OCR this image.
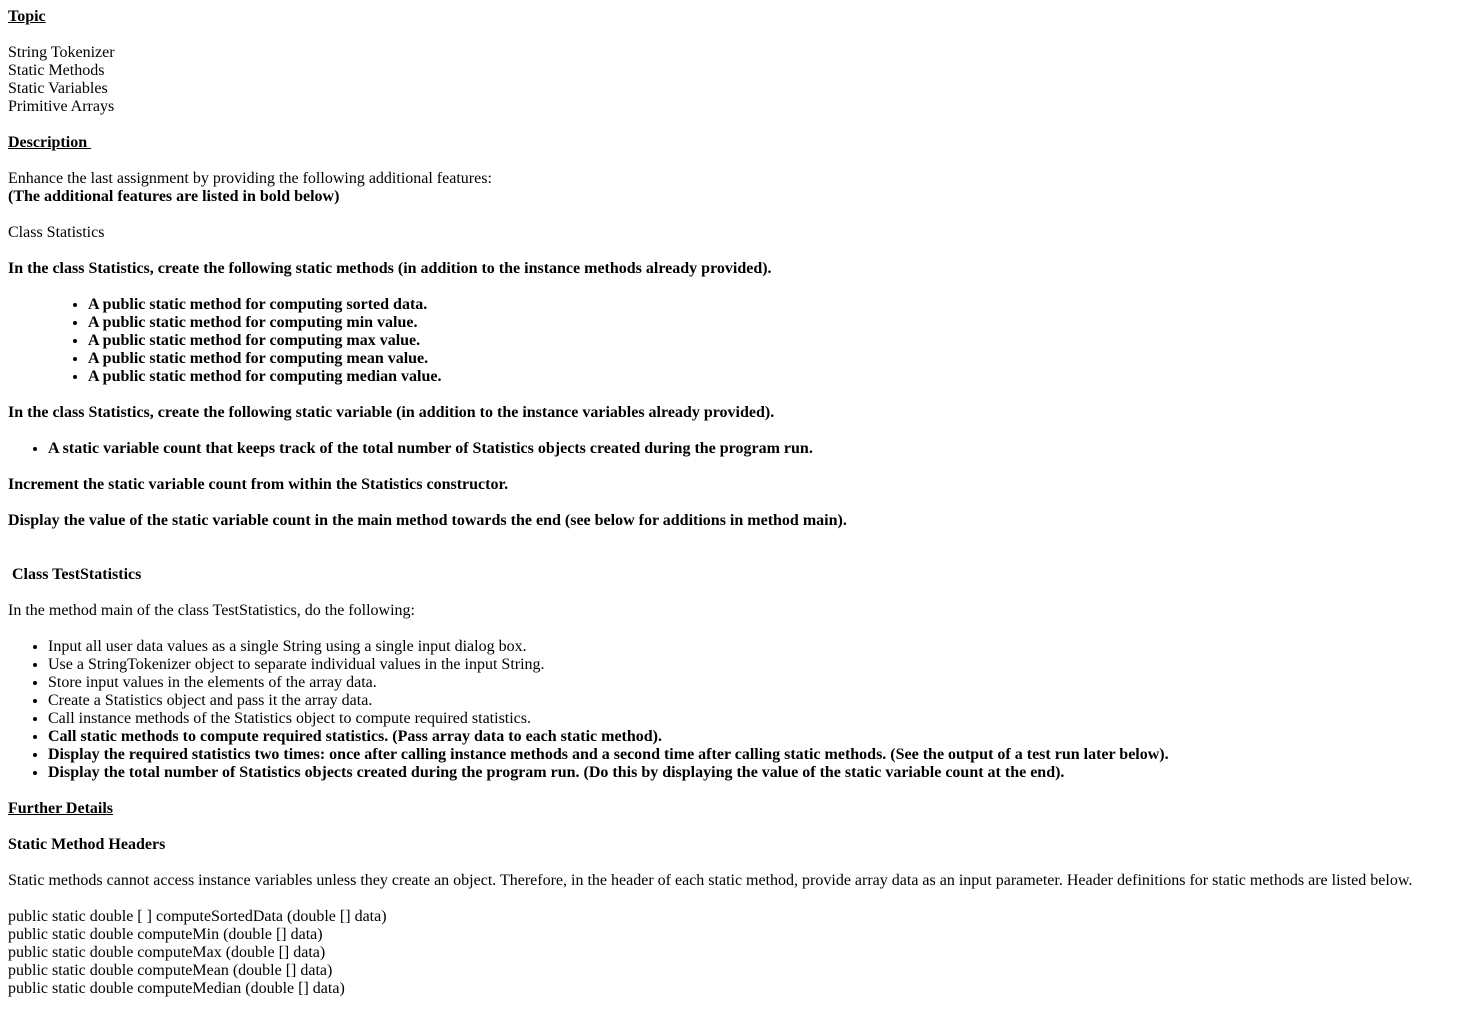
Topic

String Tokenizer

Static Methods

Static Variables

Primitive Arrays

Description

Enhance the last assignment by providing the following additional features:

(The additional features are listed in bold below)

Class Statistics

In the class Statistics, create the following static methods (in addition to the instance methods already provided).

• A public static method for computing sorted data.
• A public static method for computing min value.
• A public static method for computing max value.
• A public static method for computing mean value.
• A public static method for computing median value.

In the class Statistics, create the following static variable (in addition to the instance variables already provided).

• A static variable count that keeps track of the total number of Statistics objects created during the program run.

Increment the static variable count from within the Statistics constructor.

Display the value of the static variable count in the main method towards the end (see below for additions in method main).

Class TestStatistics

In the method main of the class TestStatistics, do the following:

• Input all user data values as a single String using a single input dialog box.
• Use a StringTokenizer object to separate individual values in the input String.
• Store input values in the elements of the array data.
• Create a Statistics object and pass it the array data.
• Call instance methods of the Statistics object to compute required statistics.
• Call static methods to compute required statistics. (Pass array data to each static method).
• Display the required statistics two times: once after calling instance methods and a second time after calling static methods. (See the output of a test run later below).
• Display the total number of Statistics objects created during the program run. (Do this by displaying the value of the static variable count at the end).

Further Details

Static Method Headers

Static methods cannot access instance variables unless they create an object. Therefore, in the header of each static method, provide array data as an input parameter. Header definitions for static methods are listed below.

public static double [ ] computeSortedData (double [] data)

public static double computeMin (double [] data)

public static double computeMax (double [] data)

public static double computeMean (double [] data)

public static double computeMedian (double [] data)
